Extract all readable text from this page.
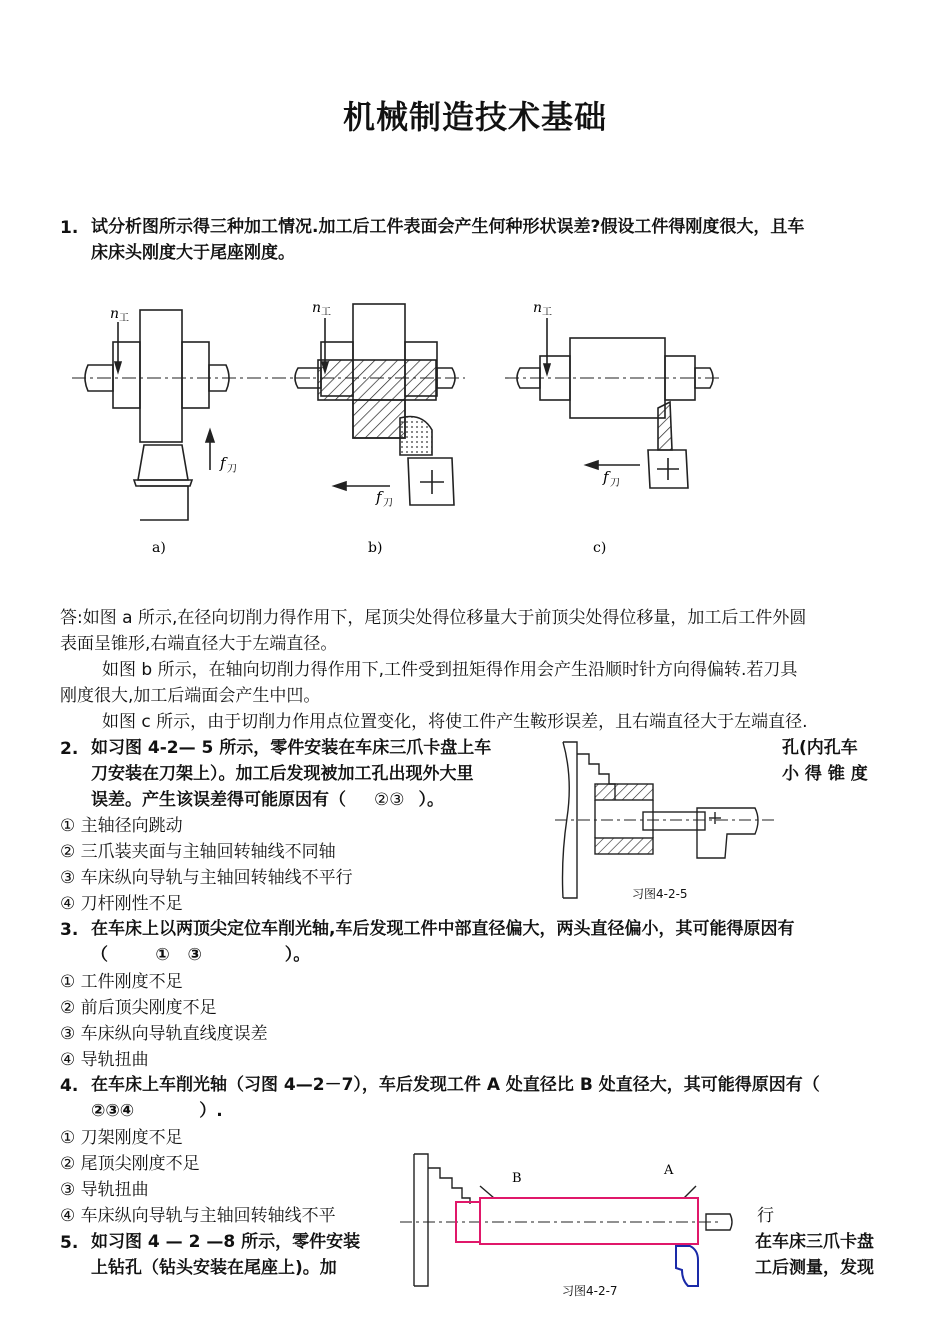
机械制造技术基础
1. 试分析图所示得三种加工情况.加工后工件表面会产生何种形状误差?假设工件得刚度很大，且车
床床头刚度大于尾座刚度。
n 工
f 刀
a)
n 工
f 刀
b)
n 工
f 刀
c)
答:如图 a 所示,在径向切削力得作用下，尾顶尖处得位移量大于前顶尖处得位移量，加工后工件外圆
表面呈锥形,右端直径大于左端直径。
如图 b 所示，在轴向切削力得作用下,工件受到扭矩得作用会产生沿顺时针方向得偏转.若刀具
刚度很大,加工后端面会产生中凹。
如图 c 所示，由于切削力作用点位置变化，将使工件产生鞍形误差，且右端直径大于左端直径.
2. 如习图 4-2— 5 所示，零件安装在车床三爪卡盘上车
刀安装在刀架上）。加工后发现被加工孔出现外大里
误差。产生该误差得可能原因有（ ②③ ）。
孔(内孔车
小 得 锥 度
习图4-2-5
① 主轴径向跳动
② 三爪装夹面与主轴回转轴线不同轴
③ 车床纵向导轨与主轴回转轴线不平行
④ 刀杆刚性不足
3. 在车床上以两顶尖定位车削光轴,车后发现工件中部直径偏大，两头直径偏小，其可能得原因有
（        ①   ③              ）。
① 工件刚度不足
② 前后顶尖刚度不足
③ 车床纵向导轨直线度误差
④ 导轨扭曲
4. 在车床上车削光轴（习图 4—2－7），车后发现工件 A 处直径比 B 处直径大，其可能得原因有（
②③④           ）.
① 刀架刚度不足
② 尾顶尖刚度不足
③ 导轨扭曲
④ 车床纵向导轨与主轴回转轴线不平	行
B
A
习图4-2-7
5. 如习图 4 — 2 —8 所示，零件安装
上钻孔（钻头安装在尾座上)。加
在车床三爪卡盘
工后测量，发现
